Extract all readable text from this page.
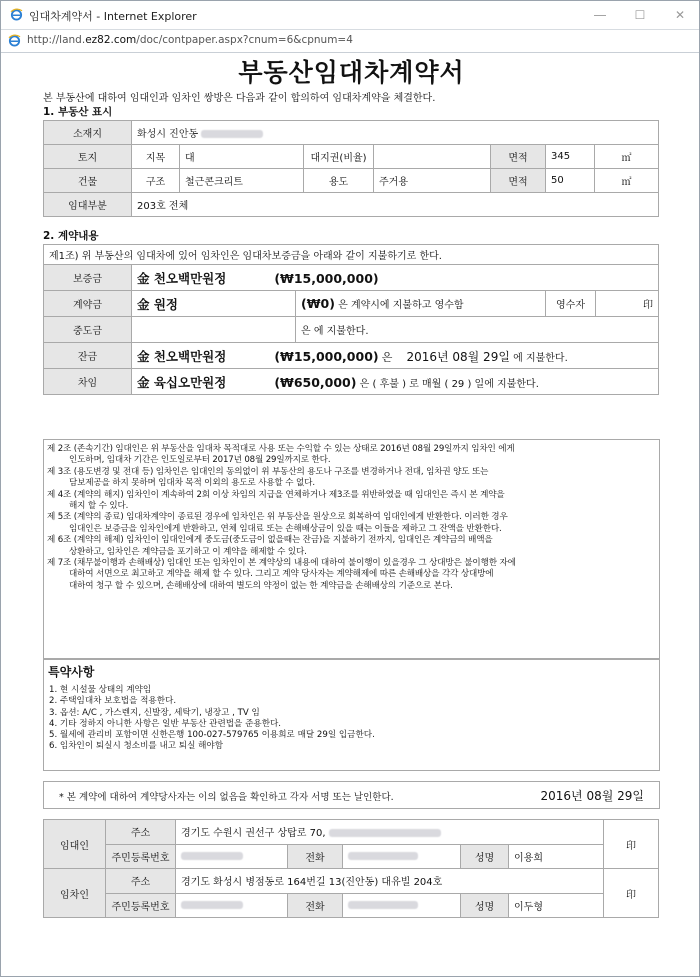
임대차계약서 - Internet Explorer	―	☐	✕
http://land.ez82.com/doc/contpaper.aspx?cnum=6&cpnum=4
부동산임대차계약서
본 부동산에 대하여 임대인과 임차인 쌍방은 다음과 같이 합의하여 임대차계약을 체결한다.
1. 부동산 표시
소재지	화성시 진안동						
토지	지목	대	대지권(비율)		면적	345	㎡
건물	구조	철근콘크리트	용도	주거용	면적	50	㎡
임대부분	203호 전체						
2. 계약내용
제1조) 위 부동산의 임대차에 있어 임차인은 임대차보증금을 아래와 같이 지불하기로 한다.				
보증금	金 천오백만원정 (₩15,000,000)			
계약금	金 원정	(₩0) 은 계약시에 지불하고 영수함	영수자	印
중도금		은 에 지불한다.		
잔금	金 천오백만원정 (₩15,000,000) 은 2016년 08월 29일 에 지불한다.			
차임	金 육십오만원정 (₩650,000) 은 ( 후불 ) 로 매월 ( 29 ) 일에 지불한다.			

제 2조 (존속기간) 임대인은 위 부동산을 임대차 목적대로 사용 또는 수익할 수 있는 상태로 2016년 08월 29일까지 임차인 에게

인도하며, 임대차 기간은 인도일로부터 2017년 08월 29일까지로 한다.

제 3조 (용도변경 및 전대 등) 임차인은 임대인의 동의없이 위 부동산의 용도나 구조를 변경하거나 전대, 임차권 양도 또는

담보제공을 하지 못하며 임대차 목적 이외의 용도로 사용할 수 없다.

제 4조 (계약의 해지) 임차인이 계속하여 2회 이상 차임의 지급을 연체하거나 제3조를 위반하였을 때 임대인은 즉시 본 계약을

해지 할 수 있다.

제 5조 (계약의 종료) 임대차계약이 종료된 경우에 임차인은 위 부동산을 원상으로 회복하여 임대인에게 반환한다. 이러한 경우

임대인은 보증금을 임차인에게 반환하고, 연체 임대료 또는 손해배상금이 있을 때는 이들을 제하고 그 잔액을 반환한다.

제 6조 (계약의 해제) 임차인이 임대인에게 중도금(중도금이 없을때는 잔금)을 지불하기 전까지, 임대인은 계약금의 배액을

상환하고, 임차인은 계약금을 포기하고 이 계약을 해제할 수 있다.

제 7조 (채무불이행과 손해배상) 임대인 또는 임차인이 본 계약상의 내용에 대하여 불이행이 있을경우 그 상대방은 불이행한 자에

대하여 서면으로 최고하고 계약을 해제 할 수 있다. 그리고 계약 당사자는 계약해제에 따른 손해배상을 각각 상대방에

대하여 청구 할 수 있으며, 손해배상에 대하여 별도의 약정이 없는 한 계약금을 손해배상의 기준으로 본다.

특약사항
1. 현 시설물 상태의 계약임
2. 주택임대차 보호법을 적용한다.
3. 옵션: A/C , 가스렌지, 신발장, 세탁기, 냉장고 , TV 임
4. 기타 정하지 아니한 사항은 일반 부동산 관련법을 준용한다.
5. 월세에 관리비 포함이면 신한은행 100-027-579765 이용희로 매달 29일 입금한다.
6. 임차인이 퇴실시 청소비를 내고 퇴실 해야함
* 본 계약에 대하여 계약당사자는 이의 없음을 확인하고 각자 서명 또는 날인한다.	2016년 08월 29일
임대인	주소	경기도 수원시 권선구 상탑로 70,					印
	주민등록번호		전화		성명	이용희	
임차인	주소	경기도 화성시 병점동로 164번길 13(진안동) 대유빌 204호					印
	주민등록번호		전화		성명	이두형	
